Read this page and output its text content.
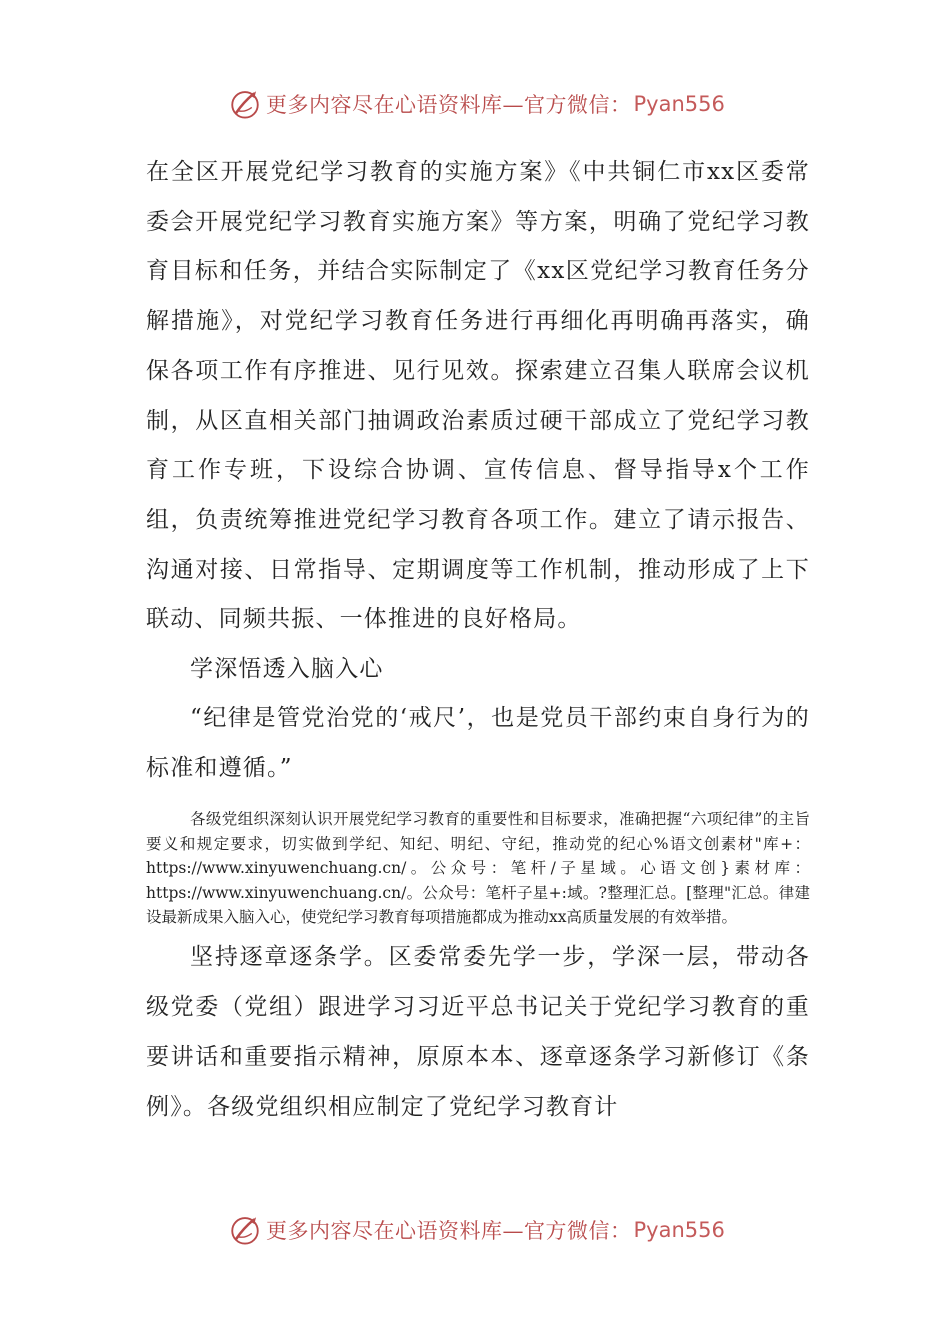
更多内容尽在心语资料库—官方微信： Pyan556

在全区开展党纪学习教育的实施方案》《中共铜仁市xx区委常委会开展党纪学习教育实施方案》等方案，明确了党纪学习教育目标和任务，并结合实际制定了《xx区党纪学习教育任务分解措施》，对党纪学习教育任务进行再细化再明确再落实，确保各项工作有序推进、见行见效。探索建立召集人联席会议机制，从区直相关部门抽调政治素质过硬干部成立了党纪学习教育工作专班，下设综合协调、宣传信息、督导指导x个工作组，负责统筹推进党纪学习教育各项工作。建立了请示报告、沟通对接、日常指导、定期调度等工作机制，推动形成了上下联动、同频共振、一体推进的良好格局。

学深悟透入脑入心

“纪律是管党治党的‘戒尺’，也是党员干部约束自身行为的标准和遵循。”

各级党组织深刻认识开展党纪学习教育的重要性和目标要求，准确把握“六项纪律”的主旨要义和规定要求，切实做到学纪、知纪、明纪、守纪，推动党的纪心%语文创素材"库+：https://www.xinyuwenchuang.cn/。公众号：笔杆/子星域。心语文创}素材库：https://www.xinyuwenchuang.cn/。公众号：笔杆子星+:域。?整理汇总。[整理"汇总。律建设最新成果入脑入心，使党纪学习教育每项措施都成为推动xx高质量发展的有效举措。

坚持逐章逐条学。区委常委先学一步，学深一层，带动各级党委（党组）跟进学习习近平总书记关于党纪学习教育的重要讲话和重要指示精神，原原本本、逐章逐条学习新修订《条例》。各级党组织相应制定了党纪学习教育计

更多内容尽在心语资料库—官方微信： Pyan556
